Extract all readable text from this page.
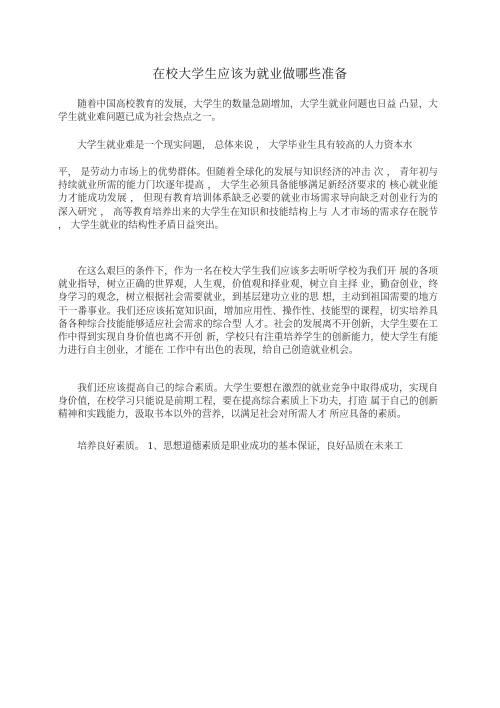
在校大学生应该为就业做哪些准备

随着中国高校教育的发展，大学生的数量急剧增加，大学生就业问题也日益 凸显，大学生就业难问题已成为社会热点之一。

大学生就业难是一个现实问题， 总体来说 ， 大学毕业生具有较高的人力资本水

平， 是劳动力市场上的优势群体。但随着全球化的发展与知识经济的冲击 次 ， 青年初与持续就业所需的能力门坎逐年提高 ， 大学生必须具备能够满足新经济要求的 核心就业能力才能成功发展 ， 但现有教育培训体系缺乏必要的就业市场需求导向缺乏对创业行为的深入研究 ， 高等教育培养出来的大学生在知识和技能结构上与 人才市场的需求存在脱节 ， 大学生就业的结构性矛盾日益突出。

在这么艰巨的条件下，作为一名在校大学生我们应该多去听听学校为我们开 展的各项就业指导，树立正确的世界观，人生观，价值观和择业观，树立自主择 业，勤奋创业，终身学习的观念，树立根据社会需要就业，到基层建功立业的思 想，主动到祖国需要的地方干一番事业。我们还应该拓宽知识面，增加应用性、操作性、技能型的课程，切实培养具备各种综合技能能够适应社会需求的综合型 人才。社会的发展离不开创新，大学生要在工作中得到实现自身价值也离不开创 新，学校只有注重培养学生的创新能力，使大学生有能力进行自主创业，才能在 工作中有出色的表现，给自己创造就业机会。

我们还应该提高自己的综合素质。大学生要想在激烈的就业竞争中取得成功，实现自身价值，在校学习只能说是前期工程，要在提高综合素质上下功夫，打造 属于自己的创新精神和实践能力，汲取书本以外的营养，以满足社会对所需人才 所应具备的素质。

培养良好素质。 1、思想道德素质是职业成功的基本保证，良好品质在未来工
